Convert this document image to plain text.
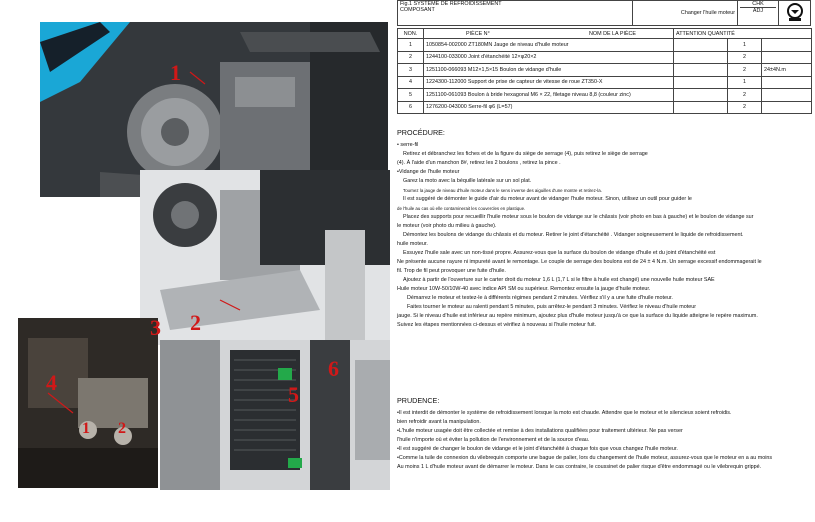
1
2
3
4
1 2
5
6
Fig.1 SYSTÈME DE REFROIDISSEMENT
COMPOSANT	Changer l'huile moteur	
CHK
ADJ

NON.	PIÈCE N° NOM DE LA PIÈCE	ATTENTION QUANTITÉ		
1	1050854-002000 ZT180MN Jauge de niveau d'huile moteur		1	
2	1244100-033000 Joint d'étanchéité 12×φ20×2		2	
3	1251100-066093 M12×1,5×15 Boulon de vidange d'huile		2	24±4N.m
4	1224300-112000 Support de prise de capteur de vitesse de roue ZT350-X		1	
5	1251100-061093 Boulon à bride hexagonal M6 × 22, filetage niveau 8,8 (couleur zinc)		2	
6	1276200-043000 Serre-fil φ6 (L=57)		2	
PROCÉDURE:

• serre-fil

Retirez et débranchez les fiches et de la figure du siège de serrage (4), puis retirez le siège de serrage

(4). À l'aide d'un manchon 8#, retirez les 2 boulons , retirez la pince .

•Vidange de l'huile moteur

Garez la moto avec la béquille latérale sur un sol plat.

Tournez la jauge de niveau d'huile moteur dans le sens inverse des aiguilles d'une montre et retirez-la.

Il est suggéré de démonter le guide d'air du moteur avant de vidanger l'huile moteur. Sinon, utilisez un outil pour guider le

de l'huile au cas où elle contaminerait les couvercles en plastique.

Placez des supports pour recueillir l'huile moteur sous le boulon de vidange sur le châssis (voir photo en bas à gauche) et le boulon de vidange sur

le moteur (voir photo du milieu à gauche).

Démontez les boulons de vidange du châssis et du moteur. Retirer le joint d'étanchéité . Vidanger soigneusement le liquide de refroidissement.

huile moteur.

Essuyez l'huile sale avec un non-tissé propre. Assurez-vous que la surface du boulon de vidange d'huile et du joint d'étanchéité est

Ne présente aucune rayure ni impureté avant le remontage. Le couple de serrage des boulons est de 24 ± 4 N.m. Un serrage excessif endommagerait le

fil. Trop de fil peut provoquer une fuite d'huile.

Ajoutez à partir de l'ouverture sur le carter droit du moteur 1,6 L (1,7 L si le filtre à huile est changé) une nouvelle huile moteur SAE

Huile moteur 10W-50/10W-40 avec indice API SM ou supérieur. Remontez ensuite la jauge d'huile moteur.

Démarrez le moteur et testez-le à différents régimes pendant 2 minutes. Vérifiez s'il y a une fuite d'huile moteur.

Faites tourner le moteur au ralenti pendant 5 minutes, puis arrêtez-le pendant 3 minutes. Vérifiez le niveau d'huile moteur

jauge. Si le niveau d'huile est inférieur au repère minimum, ajoutez plus d'huile moteur jusqu'à ce que la surface du liquide atteigne le repère maximum.

Suivez les étapes mentionnées ci-dessus et vérifiez à nouveau si l'huile moteur fuit.

PRUDENCE:

•Il est interdit de démonter le système de refroidissement lorsque la moto est chaude. Attendre que le moteur et le silencieux soient refroidis.

bien refroidir avant la manipulation.

•L'huile moteur usagée doit être collectée et remise à des installations qualifiées pour traitement ultérieur. Ne pas verser

l'huile n'importe où et éviter la pollution de l'environnement et de la source d'eau.

•Il est suggéré de changer le boulon de vidange et le joint d'étanchéité à chaque fois que vous changez l'huile moteur.

•Comme la tuile de connexion du vilebrequin comporte une bague de palier, lors du changement de l'huile moteur, assurez-vous que le moteur en a au moins

Au moins 1 L d'huile moteur avant de démarrer le moteur. Dans le cas contraire, le coussinet de palier risque d'être endommagé ou le vilebrequin grippé.
